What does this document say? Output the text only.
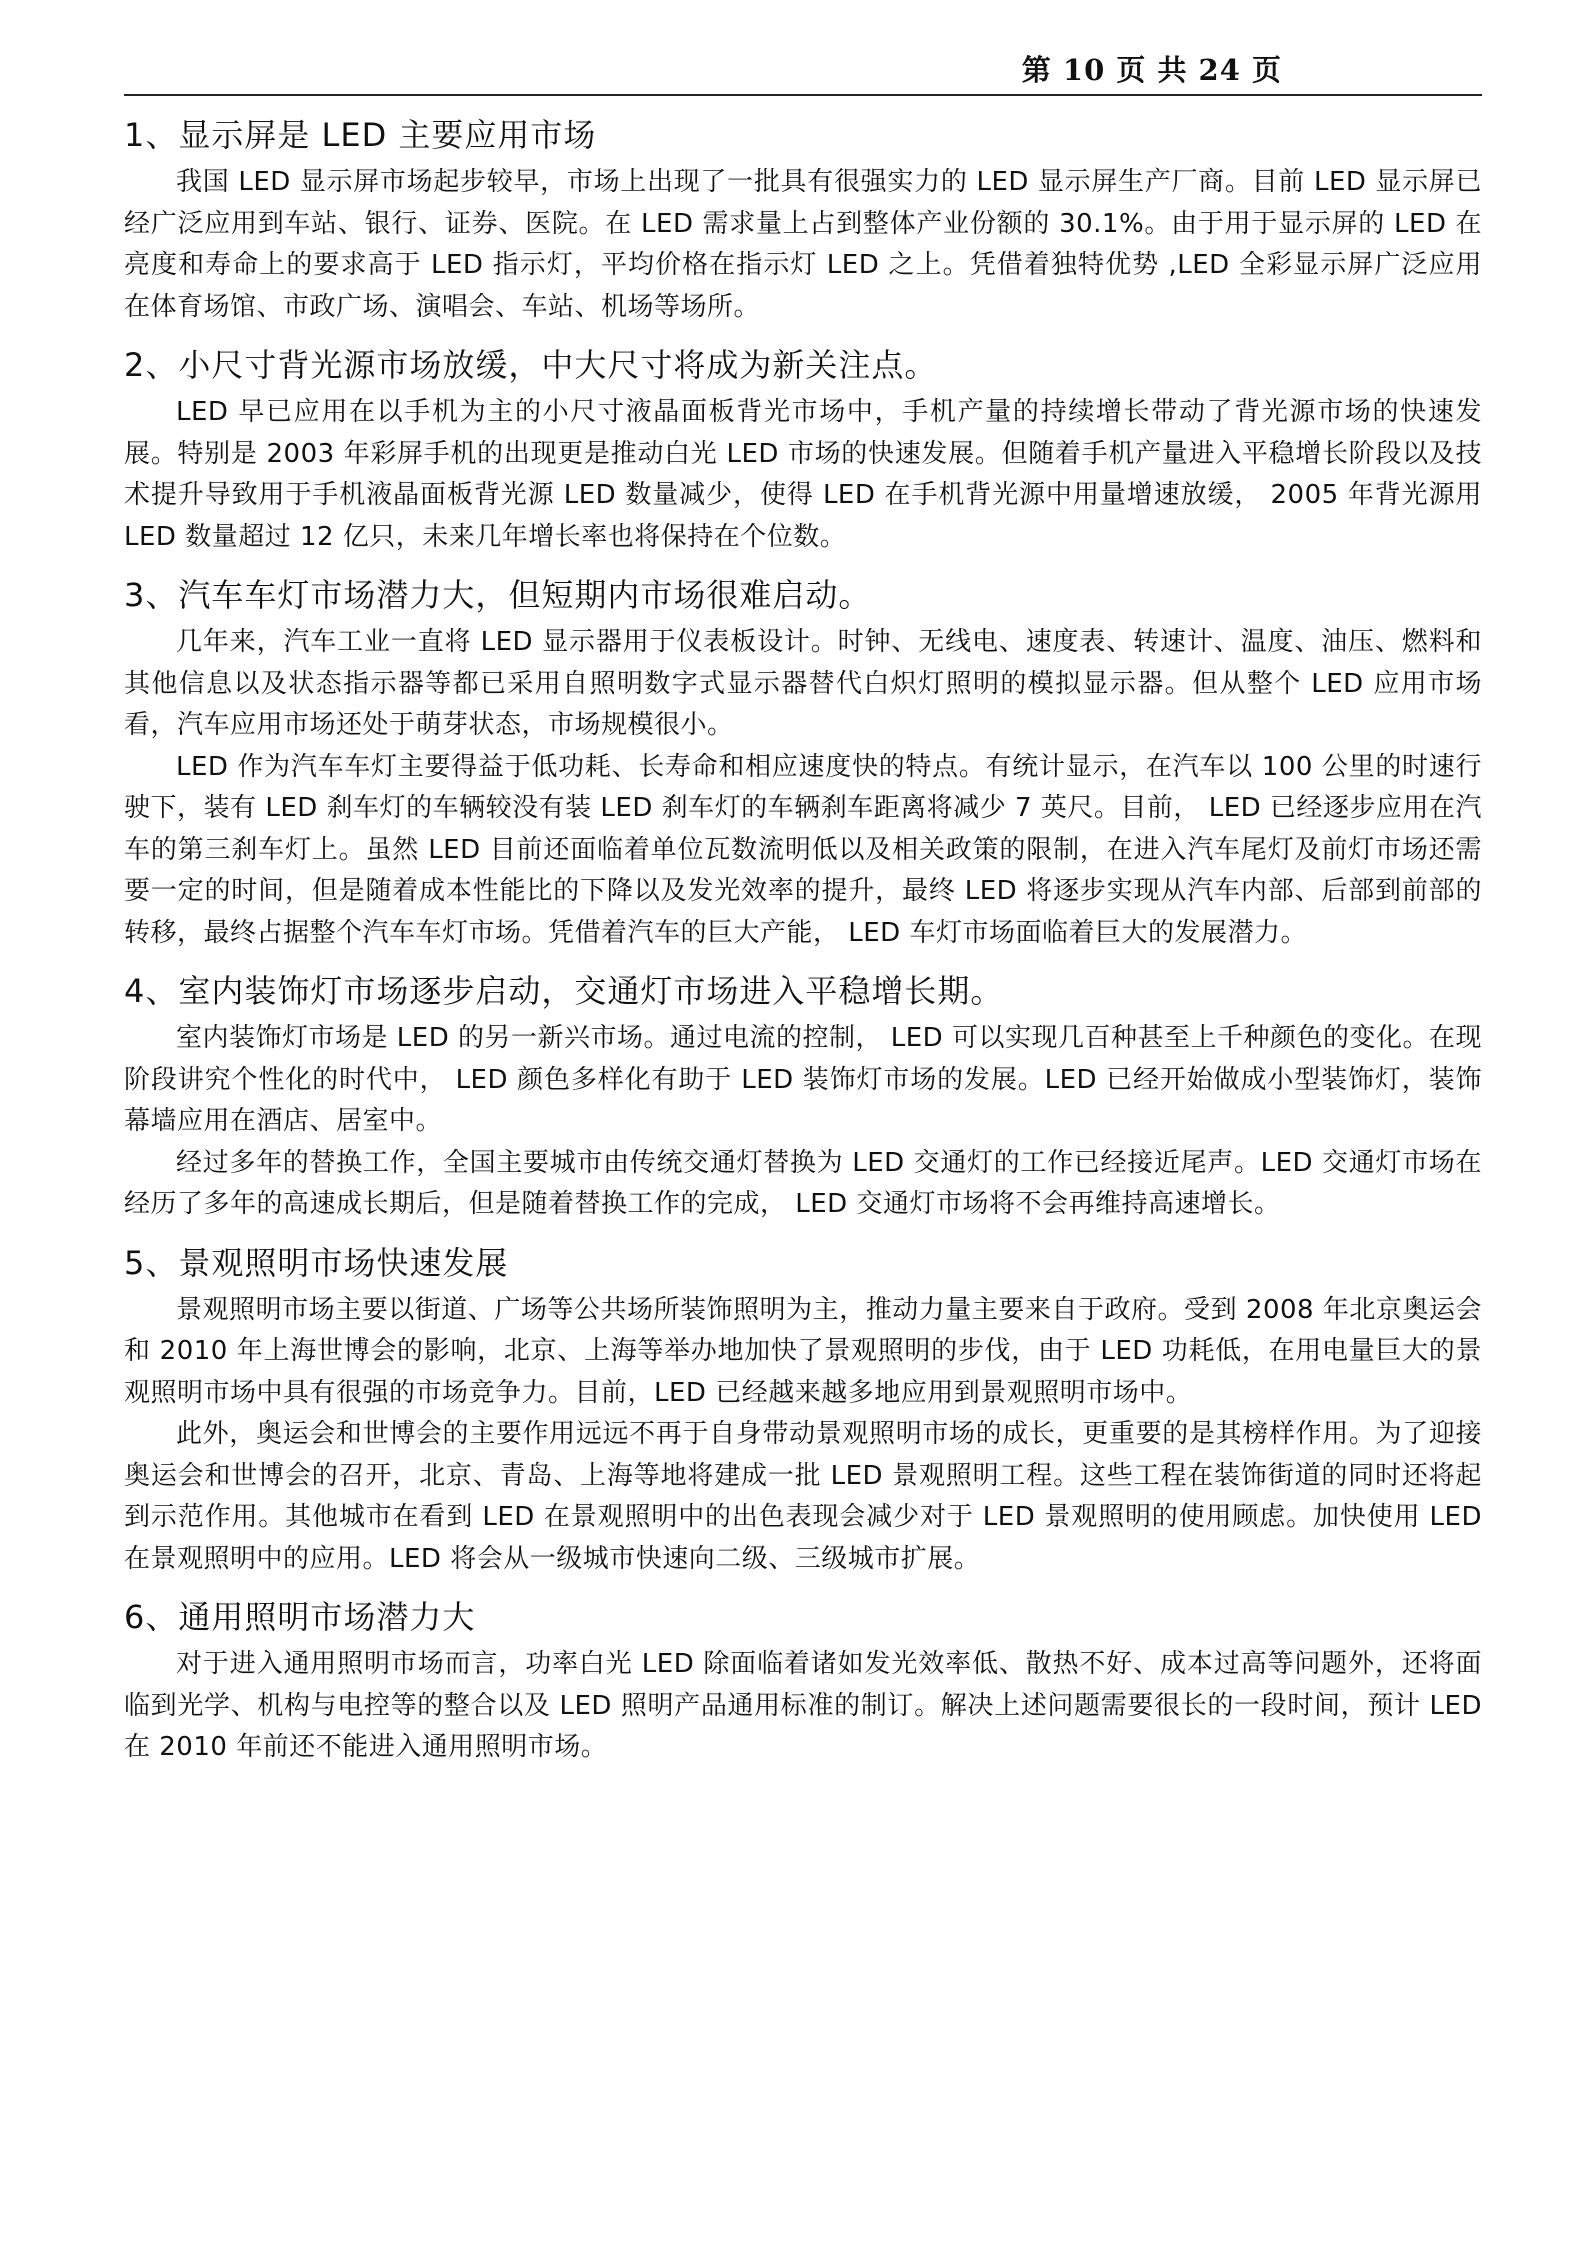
第 10 页 共 24 页
1、显示屏是 LED 主要应用市场

我国 LED 显示屏市场起步较早，市场上出现了一批具有很强实力的 LED 显示屏生产厂商。目前 LED 显示屏已经广泛应用到车站、银行、证券、医院。在 LED 需求量上占到整体产业份额的 30.1%。由于用于显示屏的 LED 在亮度和寿命上的要求高于 LED 指示灯，平均价格在指示灯 LED 之上。凭借着独特优势 ,LED 全彩显示屏广泛应用在体育场馆、市政广场、演唱会、车站、机场等场所。

2、小尺寸背光源市场放缓，中大尺寸将成为新关注点。

LED 早已应用在以手机为主的小尺寸液晶面板背光市场中，手机产量的持续增长带动了背光源市场的快速发展。特别是 2003 年彩屏手机的出现更是推动白光 LED 市场的快速发展。但随着手机产量进入平稳增长阶段以及技术提升导致用于手机液晶面板背光源 LED 数量减少，使得 LED 在手机背光源中用量增速放缓， 2005 年背光源用 LED 数量超过 12 亿只，未来几年增长率也将保持在个位数。

3、汽车车灯市场潜力大，但短期内市场很难启动。

几年来，汽车工业一直将 LED 显示器用于仪表板设计。时钟、无线电、速度表、转速计、温度、油压、燃料和其他信息以及状态指示器等都已采用自照明数字式显示器替代白炽灯照明的模拟显示器。但从整个 LED 应用市场看，汽车应用市场还处于萌芽状态，市场规模很小。

LED 作为汽车车灯主要得益于低功耗、长寿命和相应速度快的特点。有统计显示，在汽车以 100 公里的时速行驶下，装有 LED 刹车灯的车辆较没有装 LED 刹车灯的车辆刹车距离将减少 7 英尺。目前， LED 已经逐步应用在汽车的第三刹车灯上。虽然 LED 目前还面临着单位瓦数流明低以及相关政策的限制，在进入汽车尾灯及前灯市场还需要一定的时间，但是随着成本性能比的下降以及发光效率的提升，最终 LED 将逐步实现从汽车内部、后部到前部的转移，最终占据整个汽车车灯市场。凭借着汽车的巨大产能， LED 车灯市场面临着巨大的发展潜力。

4、室内装饰灯市场逐步启动，交通灯市场进入平稳增长期。

室内装饰灯市场是 LED 的另一新兴市场。通过电流的控制， LED 可以实现几百种甚至上千种颜色的变化。在现阶段讲究个性化的时代中， LED 颜色多样化有助于 LED 装饰灯市场的发展。LED 已经开始做成小型装饰灯，装饰幕墙应用在酒店、居室中。

经过多年的替换工作，全国主要城市由传统交通灯替换为 LED 交通灯的工作已经接近尾声。LED 交通灯市场在经历了多年的高速成长期后，但是随着替换工作的完成， LED 交通灯市场将不会再维持高速增长。

5、景观照明市场快速发展

景观照明市场主要以街道、广场等公共场所装饰照明为主，推动力量主要来自于政府。受到 2008 年北京奥运会和 2010 年上海世博会的影响，北京、上海等举办地加快了景观照明的步伐，由于 LED 功耗低，在用电量巨大的景观照明市场中具有很强的市场竞争力。目前，LED 已经越来越多地应用到景观照明市场中。

此外，奥运会和世博会的主要作用远远不再于自身带动景观照明市场的成长，更重要的是其榜样作用。为了迎接奥运会和世博会的召开，北京、青岛、上海等地将建成一批 LED 景观照明工程。这些工程在装饰街道的同时还将起到示范作用。其他城市在看到 LED 在景观照明中的出色表现会减少对于 LED 景观照明的使用顾虑。加快使用 LED 在景观照明中的应用。LED 将会从一级城市快速向二级、三级城市扩展。

6、通用照明市场潜力大

对于进入通用照明市场而言，功率白光 LED 除面临着诸如发光效率低、散热不好、成本过高等问题外，还将面临到光学、机构与电控等的整合以及 LED 照明产品通用标准的制订。解决上述问题需要很长的一段时间，预计 LED 在 2010 年前还不能进入通用照明市场。
